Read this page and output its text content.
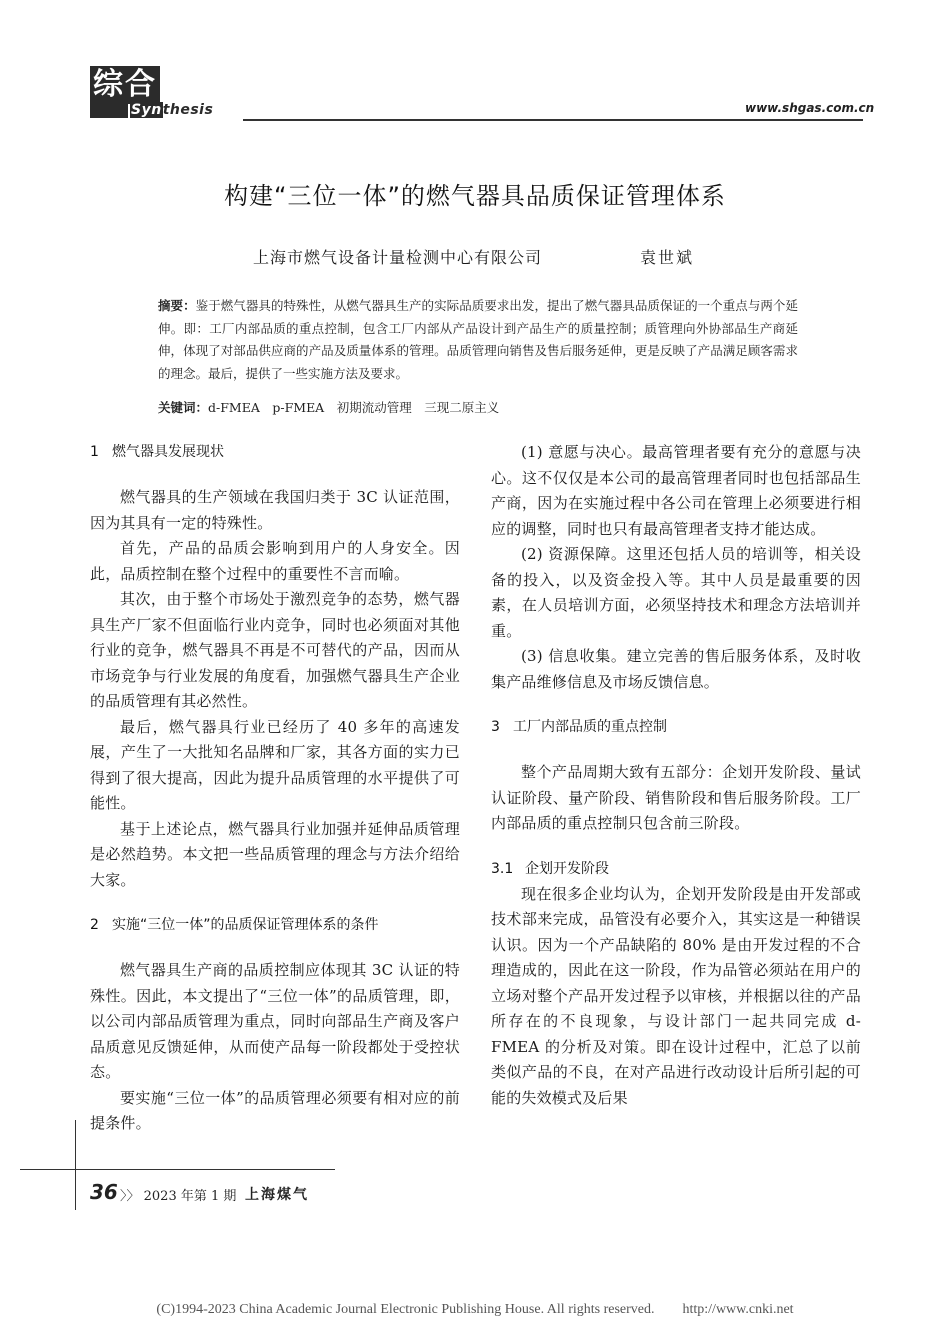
综合
Synthesis	www.shgas.com.cn
构建“三位一体”的燃气器具品质保证管理体系
上海市燃气设备计量检测中心有限公司	袁世斌
摘要：鉴于燃气器具的特殊性，从燃气器具生产的实际品质要求出发，提出了燃气器具品质保证的一个重点与两个延伸。即：工厂内部品质的重点控制，包含工厂内部从产品设计到产品生产的质量控制；质管理向外协部品生产商延伸，体现了对部品供应商的产品及质量体系的管理。品质管理向销售及售后服务延伸，更是反映了产品满足顾客需求的理念。最后，提供了一些实施方法及要求。
关键词：d-FMEA　p-FMEA　初期流动管理　三现二原主义

1 燃气器具发展现状

燃气器具的生产领域在我国归类于 3C 认证范围，因为其具有一定的特殊性。

首先，产品的品质会影响到用户的人身安全。因此，品质控制在整个过程中的重要性不言而喻。

其次，由于整个市场处于激烈竞争的态势，燃气器具生产厂家不但面临行业内竞争，同时也必须面对其他行业的竞争，燃气器具不再是不可替代的产品，因而从市场竞争与行业发展的角度看，加强燃气器具生产企业的品质管理有其必然性。

最后，燃气器具行业已经历了 40 多年的高速发展，产生了一大批知名品牌和厂家，其各方面的实力已得到了很大提高，因此为提升品质管理的水平提供了可能性。

基于上述论点，燃气器具行业加强并延伸品质管理是必然趋势。本文把一些品质管理的理念与方法介绍给大家。

2 实施“三位一体”的品质保证管理体系的条件

燃气器具生产商的品质控制应体现其 3C 认证的特殊性。因此，本文提出了“三位一体”的品质管理，即，以公司内部品质管理为重点，同时向部品生产商及客户品质意见反馈延伸，从而使产品每一阶段都处于受控状态。

要实施“三位一体”的品质管理必须要有相对应的前提条件。

(1) 意愿与决心。最高管理者要有充分的意愿与决心。这不仅仅是本公司的最高管理者同时也包括部品生产商，因为在实施过程中各公司在管理上必须要进行相应的调整，同时也只有最高管理者支持才能达成。

(2) 资源保障。这里还包括人员的培训等，相关设备的投入，以及资金投入等。其中人员是最重要的因素，在人员培训方面，必须坚持技术和理念方法培训并重。

(3) 信息收集。建立完善的售后服务体系，及时收集产品维修信息及市场反馈信息。

3 工厂内部品质的重点控制

整个产品周期大致有五部分：企划开发阶段、量试认证阶段、量产阶段、销售阶段和售后服务阶段。工厂内部品质的重点控制只包含前三阶段。

3.1 企划开发阶段

现在很多企业均认为，企划开发阶段是由开发部或技术部来完成，品管没有必要介入，其实这是一种错误认识。因为一个产品缺陷的 80% 是由开发过程的不合理造成的，因此在这一阶段，作为品管必须站在用户的立场对整个产品开发过程予以审核，并根据以往的产品所存在的不良现象，与设计部门一起共同完成 d-FMEA 的分析及对策。即在设计过程中，汇总了以前类似产品的不良，在对产品进行改动设计后所引起的可能的失效模式及后果

36 〉〉 2023 年第 1 期 上海煤气
(C)1994-2023 China Academic Journal Electronic Publishing House. All rights reserved.　　http://www.cnki.net
